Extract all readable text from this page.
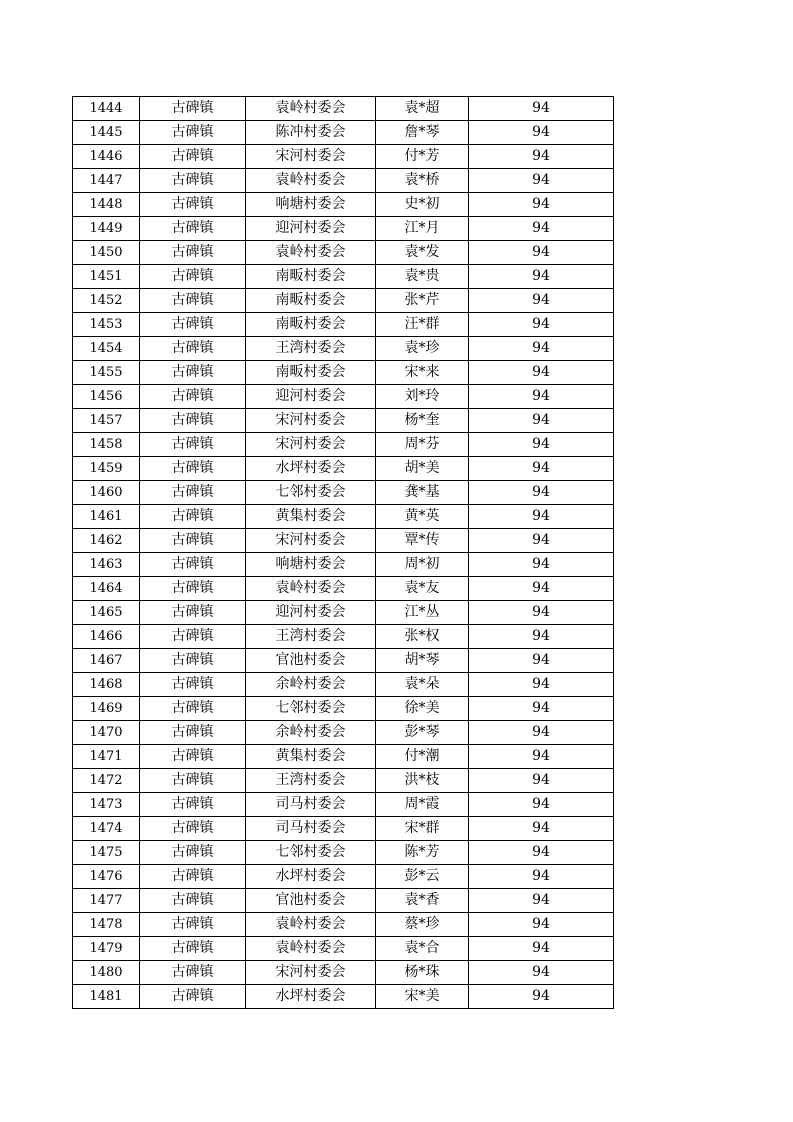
1444	古碑镇	袁岭村委会	袁*超	94
1445	古碑镇	陈冲村委会	詹*琴	94
1446	古碑镇	宋河村委会	付*芳	94
1447	古碑镇	袁岭村委会	袁*桥	94
1448	古碑镇	响塘村委会	史*初	94
1449	古碑镇	迎河村委会	江*月	94
1450	古碑镇	袁岭村委会	袁*发	94
1451	古碑镇	南畈村委会	袁*贵	94
1452	古碑镇	南畈村委会	张*芹	94
1453	古碑镇	南畈村委会	汪*群	94
1454	古碑镇	王湾村委会	袁*珍	94
1455	古碑镇	南畈村委会	宋*来	94
1456	古碑镇	迎河村委会	刘*玲	94
1457	古碑镇	宋河村委会	杨*奎	94
1458	古碑镇	宋河村委会	周*芬	94
1459	古碑镇	水坪村委会	胡*美	94
1460	古碑镇	七邻村委会	龚*基	94
1461	古碑镇	黄集村委会	黄*英	94
1462	古碑镇	宋河村委会	覃*传	94
1463	古碑镇	响塘村委会	周*初	94
1464	古碑镇	袁岭村委会	袁*友	94
1465	古碑镇	迎河村委会	江*丛	94
1466	古碑镇	王湾村委会	张*权	94
1467	古碑镇	官池村委会	胡*琴	94
1468	古碑镇	余岭村委会	袁*朵	94
1469	古碑镇	七邻村委会	徐*美	94
1470	古碑镇	余岭村委会	彭*琴	94
1471	古碑镇	黄集村委会	付*潮	94
1472	古碑镇	王湾村委会	洪*枝	94
1473	古碑镇	司马村委会	周*霞	94
1474	古碑镇	司马村委会	宋*群	94
1475	古碑镇	七邻村委会	陈*芳	94
1476	古碑镇	水坪村委会	彭*云	94
1477	古碑镇	官池村委会	袁*香	94
1478	古碑镇	袁岭村委会	蔡*珍	94
1479	古碑镇	袁岭村委会	袁*合	94
1480	古碑镇	宋河村委会	杨*珠	94
1481	古碑镇	水坪村委会	宋*美	94
